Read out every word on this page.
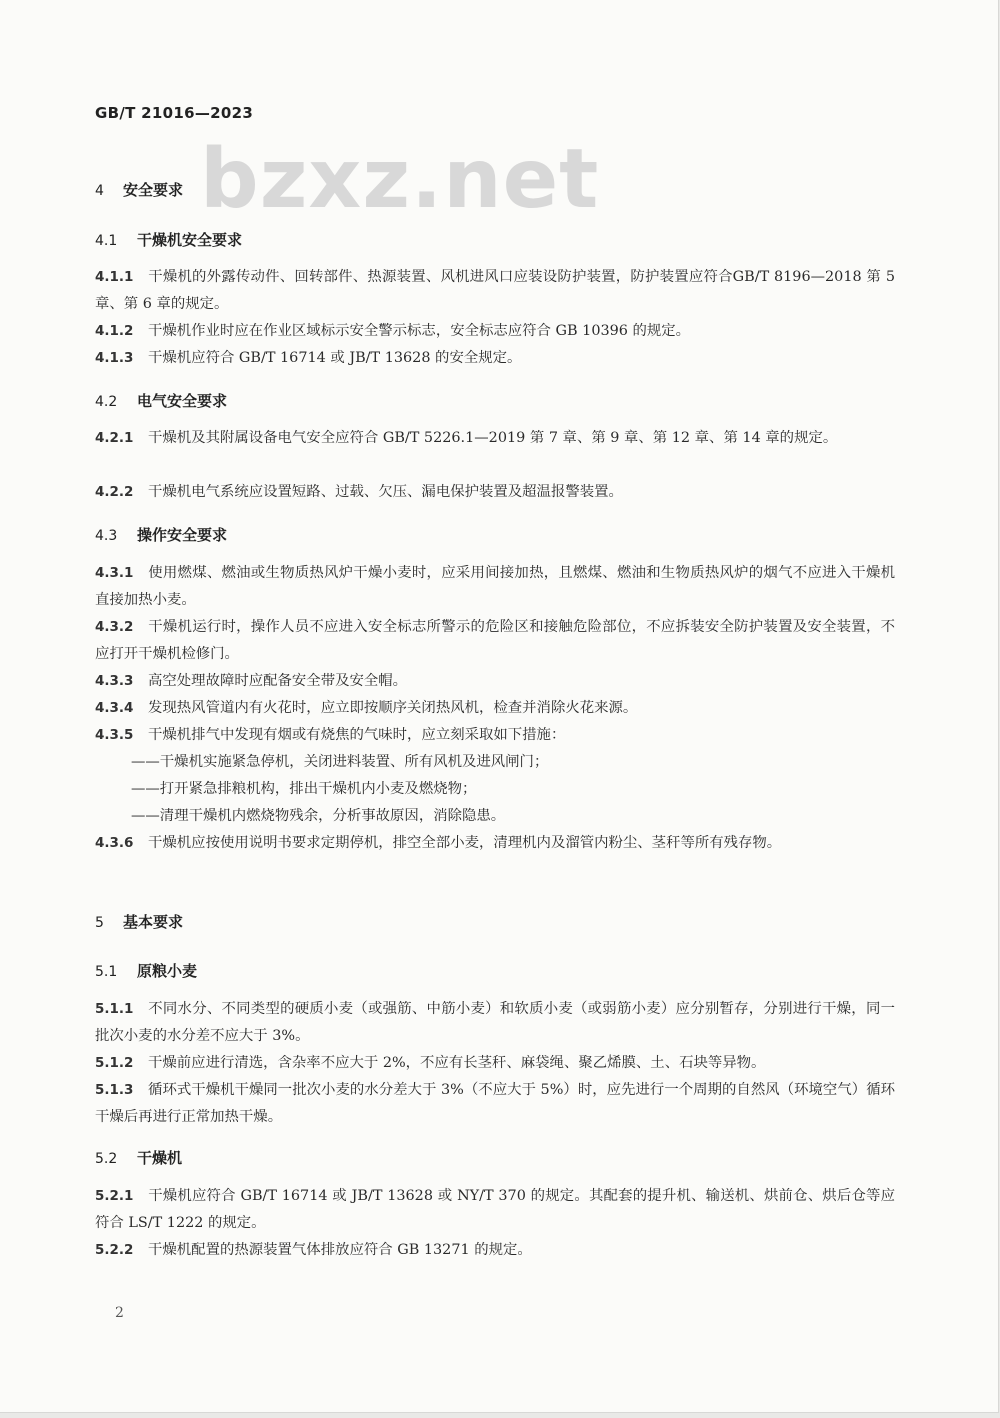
GB/T 21016—2023
bzxz.net
4 安全要求
4.1 干燥机安全要求
4.1.1 干燥机的外露传动件、回转部件、热源装置、风机进风口应装设防护装置，防护装置应符合GB/T 8196—2018 第 5 章、第 6 章的规定。
4.1.2 干燥机作业时应在作业区域标示安全警示标志，安全标志应符合 GB 10396 的规定。
4.1.3 干燥机应符合 GB/T 16714 或 JB/T 13628 的安全规定。
4.2 电气安全要求
4.2.1 干燥机及其附属设备电气安全应符合 GB/T 5226.1—2019 第 7 章、第 9 章、第 12 章、第 14 章的规定。
4.2.2 干燥机电气系统应设置短路、过载、欠压、漏电保护装置及超温报警装置。
4.3 操作安全要求
4.3.1 使用燃煤、燃油或生物质热风炉干燥小麦时，应采用间接加热，且燃煤、燃油和生物质热风炉的烟气不应进入干燥机直接加热小麦。
4.3.2 干燥机运行时，操作人员不应进入安全标志所警示的危险区和接触危险部位，不应拆装安全防护装置及安全装置，不应打开干燥机检修门。
4.3.3 高空处理故障时应配备安全带及安全帽。
4.3.4 发现热风管道内有火花时，应立即按顺序关闭热风机，检查并消除火花来源。
4.3.5 干燥机排气中发现有烟或有烧焦的气味时，应立刻采取如下措施：
——干燥机实施紧急停机，关闭进料装置、所有风机及进风闸门；
——打开紧急排粮机构，排出干燥机内小麦及燃烧物；
——清理干燥机内燃烧物残余，分析事故原因，消除隐患。
4.3.6 干燥机应按使用说明书要求定期停机，排空全部小麦，清理机内及溜管内粉尘、茎秆等所有残存物。
5 基本要求
5.1 原粮小麦
5.1.1 不同水分、不同类型的硬质小麦（或强筋、中筋小麦）和软质小麦（或弱筋小麦）应分别暂存，分别进行干燥，同一批次小麦的水分差不应大于 3%。
5.1.2 干燥前应进行清选，含杂率不应大于 2%，不应有长茎秆、麻袋绳、聚乙烯膜、土、石块等异物。
5.1.3 循环式干燥机干燥同一批次小麦的水分差大于 3%（不应大于 5%）时，应先进行一个周期的自然风（环境空气）循环干燥后再进行正常加热干燥。
5.2 干燥机
5.2.1 干燥机应符合 GB/T 16714 或 JB/T 13628 或 NY/T 370 的规定。其配套的提升机、输送机、烘前仓、烘后仓等应符合 LS/T 1222 的规定。
5.2.2 干燥机配置的热源装置气体排放应符合 GB 13271 的规定。
2
